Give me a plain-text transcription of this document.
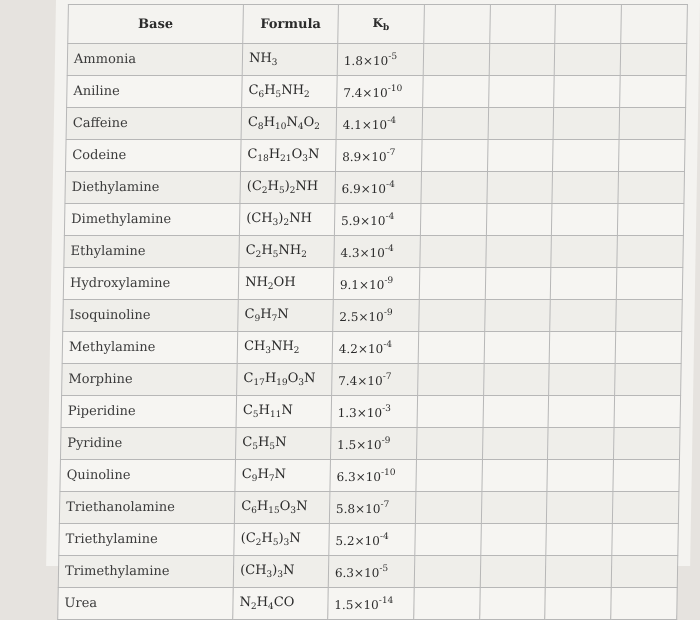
Base	Formula	$K_b$				
Ammonia	$NH_3$	$1.8\times 10^{-5}$				
Aniline	$C_6H_5NH_2$	$7.4\times 10^{-10}$				
Caffeine	$C_8H_{10}N_4O_2$	$4.1\times 10^{-4}$				
Codeine	$C_{18}H_{21}O_3N$	$8.9\times 10^{-7}$				
Diethylamine	$(C_2H_5)_2NH$	$6.9\times 10^{-4}$				
Dimethylamine	$(CH_3)_2NH$	$5.9\times 10^{-4}$				
Ethylamine	$C_2H_5NH_2$	$4.3\times 10^{-4}$				
Hydroxylamine	$NH_2OH$	$9.1\times 10^{-9}$				
Isoquinoline	$C_9H_7N$	$2.5\times 10^{-9}$				
Methylamine	$CH_3NH_2$	$4.2\times 10^{-4}$				
Morphine	$C_{17}H_{19}O_3N$	$7.4\times 10^{-7}$				
Piperidine	$C_5H_{11}N$	$1.3\times 10^{-3}$				
Pyridine	$C_5H_5N$	$1.5\times 10^{-9}$				
Quinoline	$C_9H_7N$	$6.3\times 10^{-10}$				
Triethanolamine	$C_6H_{15}O_3N$	$5.8\times 10^{-7}$				
Triethylamine	$(C_2H_5)_3N$	$5.2\times 10^{-4}$				
Trimethylamine	$(CH_3)_3N$	$6.3\times 10^{-5}$				
Urea	$N_2H_4CO$	$1.5\times 10^{-14}$				
